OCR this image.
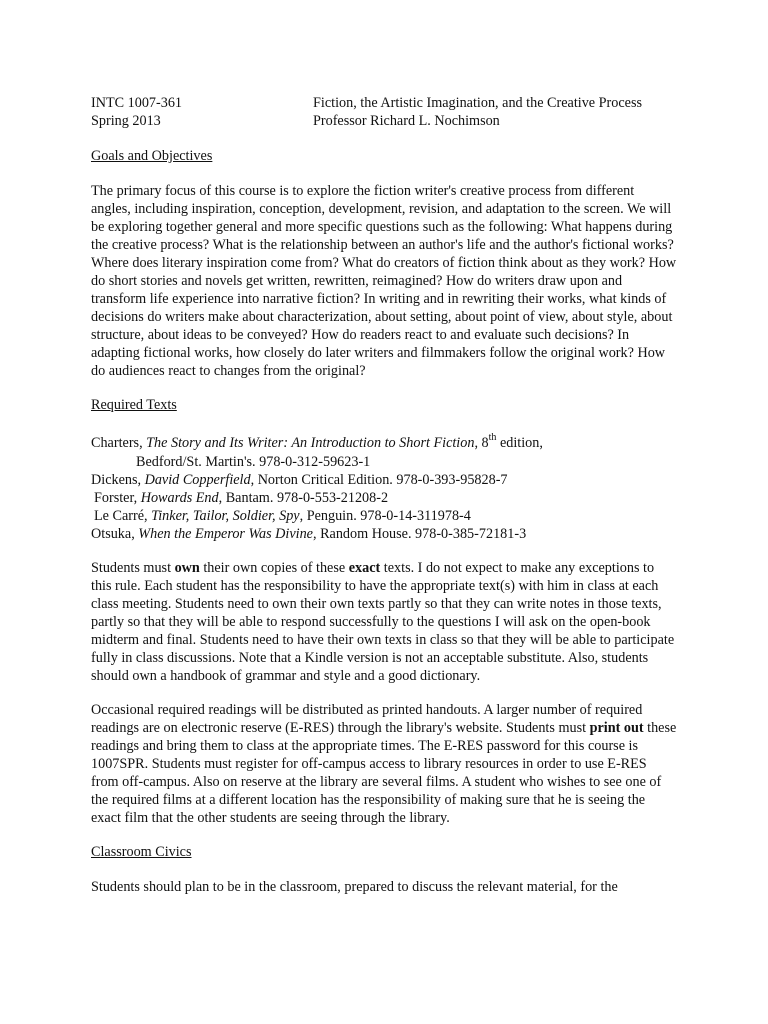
INTC 1007-361	Fiction, the Artistic Imagination, and the Creative Process
Spring 2013	Professor Richard L. Nochimson
Goals and Objectives

The primary focus of this course is to explore the fiction writer's creative process from different angles, including inspiration, conception, development, revision, and adaptation to the screen. We will be exploring together general and more specific questions such as the following: What happens during the creative process? What is the relationship between an author's life and the author's fictional works? Where does literary inspiration come from? What do creators of fiction think about as they work? How do short stories and novels get written, rewritten, reimagined? How do writers draw upon and transform life experience into narrative fiction? In writing and in rewriting their works, what kinds of decisions do writers make about characterization, about setting, about point of view, about style, about structure, about ideas to be conveyed? How do readers react to and evaluate such decisions? In adapting fictional works, how closely do later writers and filmmakers follow the original work? How do audiences react to changes from the original?

Required Texts
Charters, The Story and Its Writer: An Introduction to Short Fiction, 8th edition,
Bedford/St. Martin's. 978-0-312-59623-1
Dickens, David Copperfield, Norton Critical Edition. 978-0-393-95828-7
Forster, Howards End, Bantam. 978-0-553-21208-2
Le Carré, Tinker, Tailor, Soldier, Spy, Penguin. 978-0-14-311978-4
Otsuka, When the Emperor Was Divine, Random House. 978-0-385-72181-3

Students must own their own copies of these exact texts. I do not expect to make any exceptions to this rule. Each student has the responsibility to have the appropriate text(s) with him in class at each class meeting. Students need to own their own texts partly so that they can write notes in those texts, partly so that they will be able to respond successfully to the questions I will ask on the open-book midterm and final. Students need to have their own texts in class so that they will be able to participate fully in class discussions. Note that a Kindle version is not an acceptable substitute. Also, students should own a handbook of grammar and style and a good dictionary.

Occasional required readings will be distributed as printed handouts. A larger number of required readings are on electronic reserve (E-RES) through the library's website. Students must print out these readings and bring them to class at the appropriate times. The E-RES password for this course is 1007SPR. Students must register for off-campus access to library resources in order to use E-RES from off-campus. Also on reserve at the library are several films. A student who wishes to see one of the required films at a different location has the responsibility of making sure that he is seeing the exact film that the other students are seeing through the library.

Classroom Civics

Students should plan to be in the classroom, prepared to discuss the relevant material, for the
